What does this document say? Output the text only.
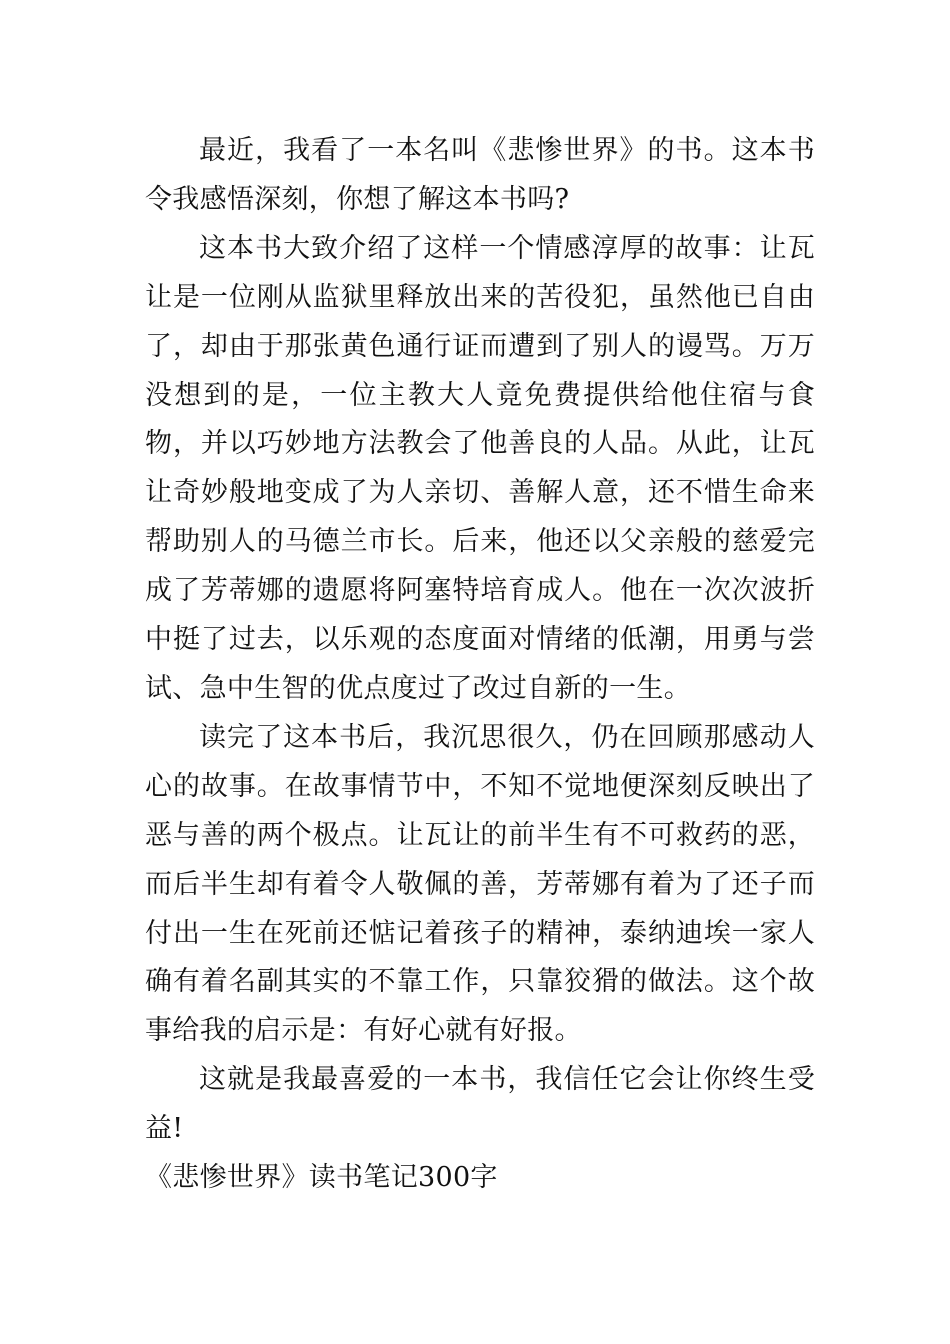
最近，我看了一本名叫《悲惨世界》的书。这本书令我感悟深刻，你想了解这本书吗?

这本书大致介绍了这样一个情感淳厚的故事：让瓦让是一位刚从监狱里释放出来的苦役犯，虽然他已自由了，却由于那张黄色通行证而遭到了别人的谩骂。万万没想到的是，一位主教大人竟免费提供给他住宿与食物，并以巧妙地方法教会了他善良的人品。从此，让瓦让奇妙般地变成了为人亲切、善解人意，还不惜生命来帮助别人的马德兰市长。后来，他还以父亲般的慈爱完成了芳蒂娜的遗愿将阿塞特培育成人。他在一次次波折中挺了过去，以乐观的态度面对情绪的低潮，用勇与尝试、急中生智的优点度过了改过自新的一生。

读完了这本书后，我沉思很久，仍在回顾那感动人心的故事。在故事情节中，不知不觉地便深刻反映出了恶与善的两个极点。让瓦让的前半生有不可救药的恶，而后半生却有着令人敬佩的善，芳蒂娜有着为了还子而付出一生在死前还惦记着孩子的精神，泰纳迪埃一家人确有着名副其实的不靠工作，只靠狡猾的做法。这个故事给我的启示是：有好心就有好报。

这就是我最喜爱的一本书，我信任它会让你终生受益!

《悲惨世界》读书笔记300字
